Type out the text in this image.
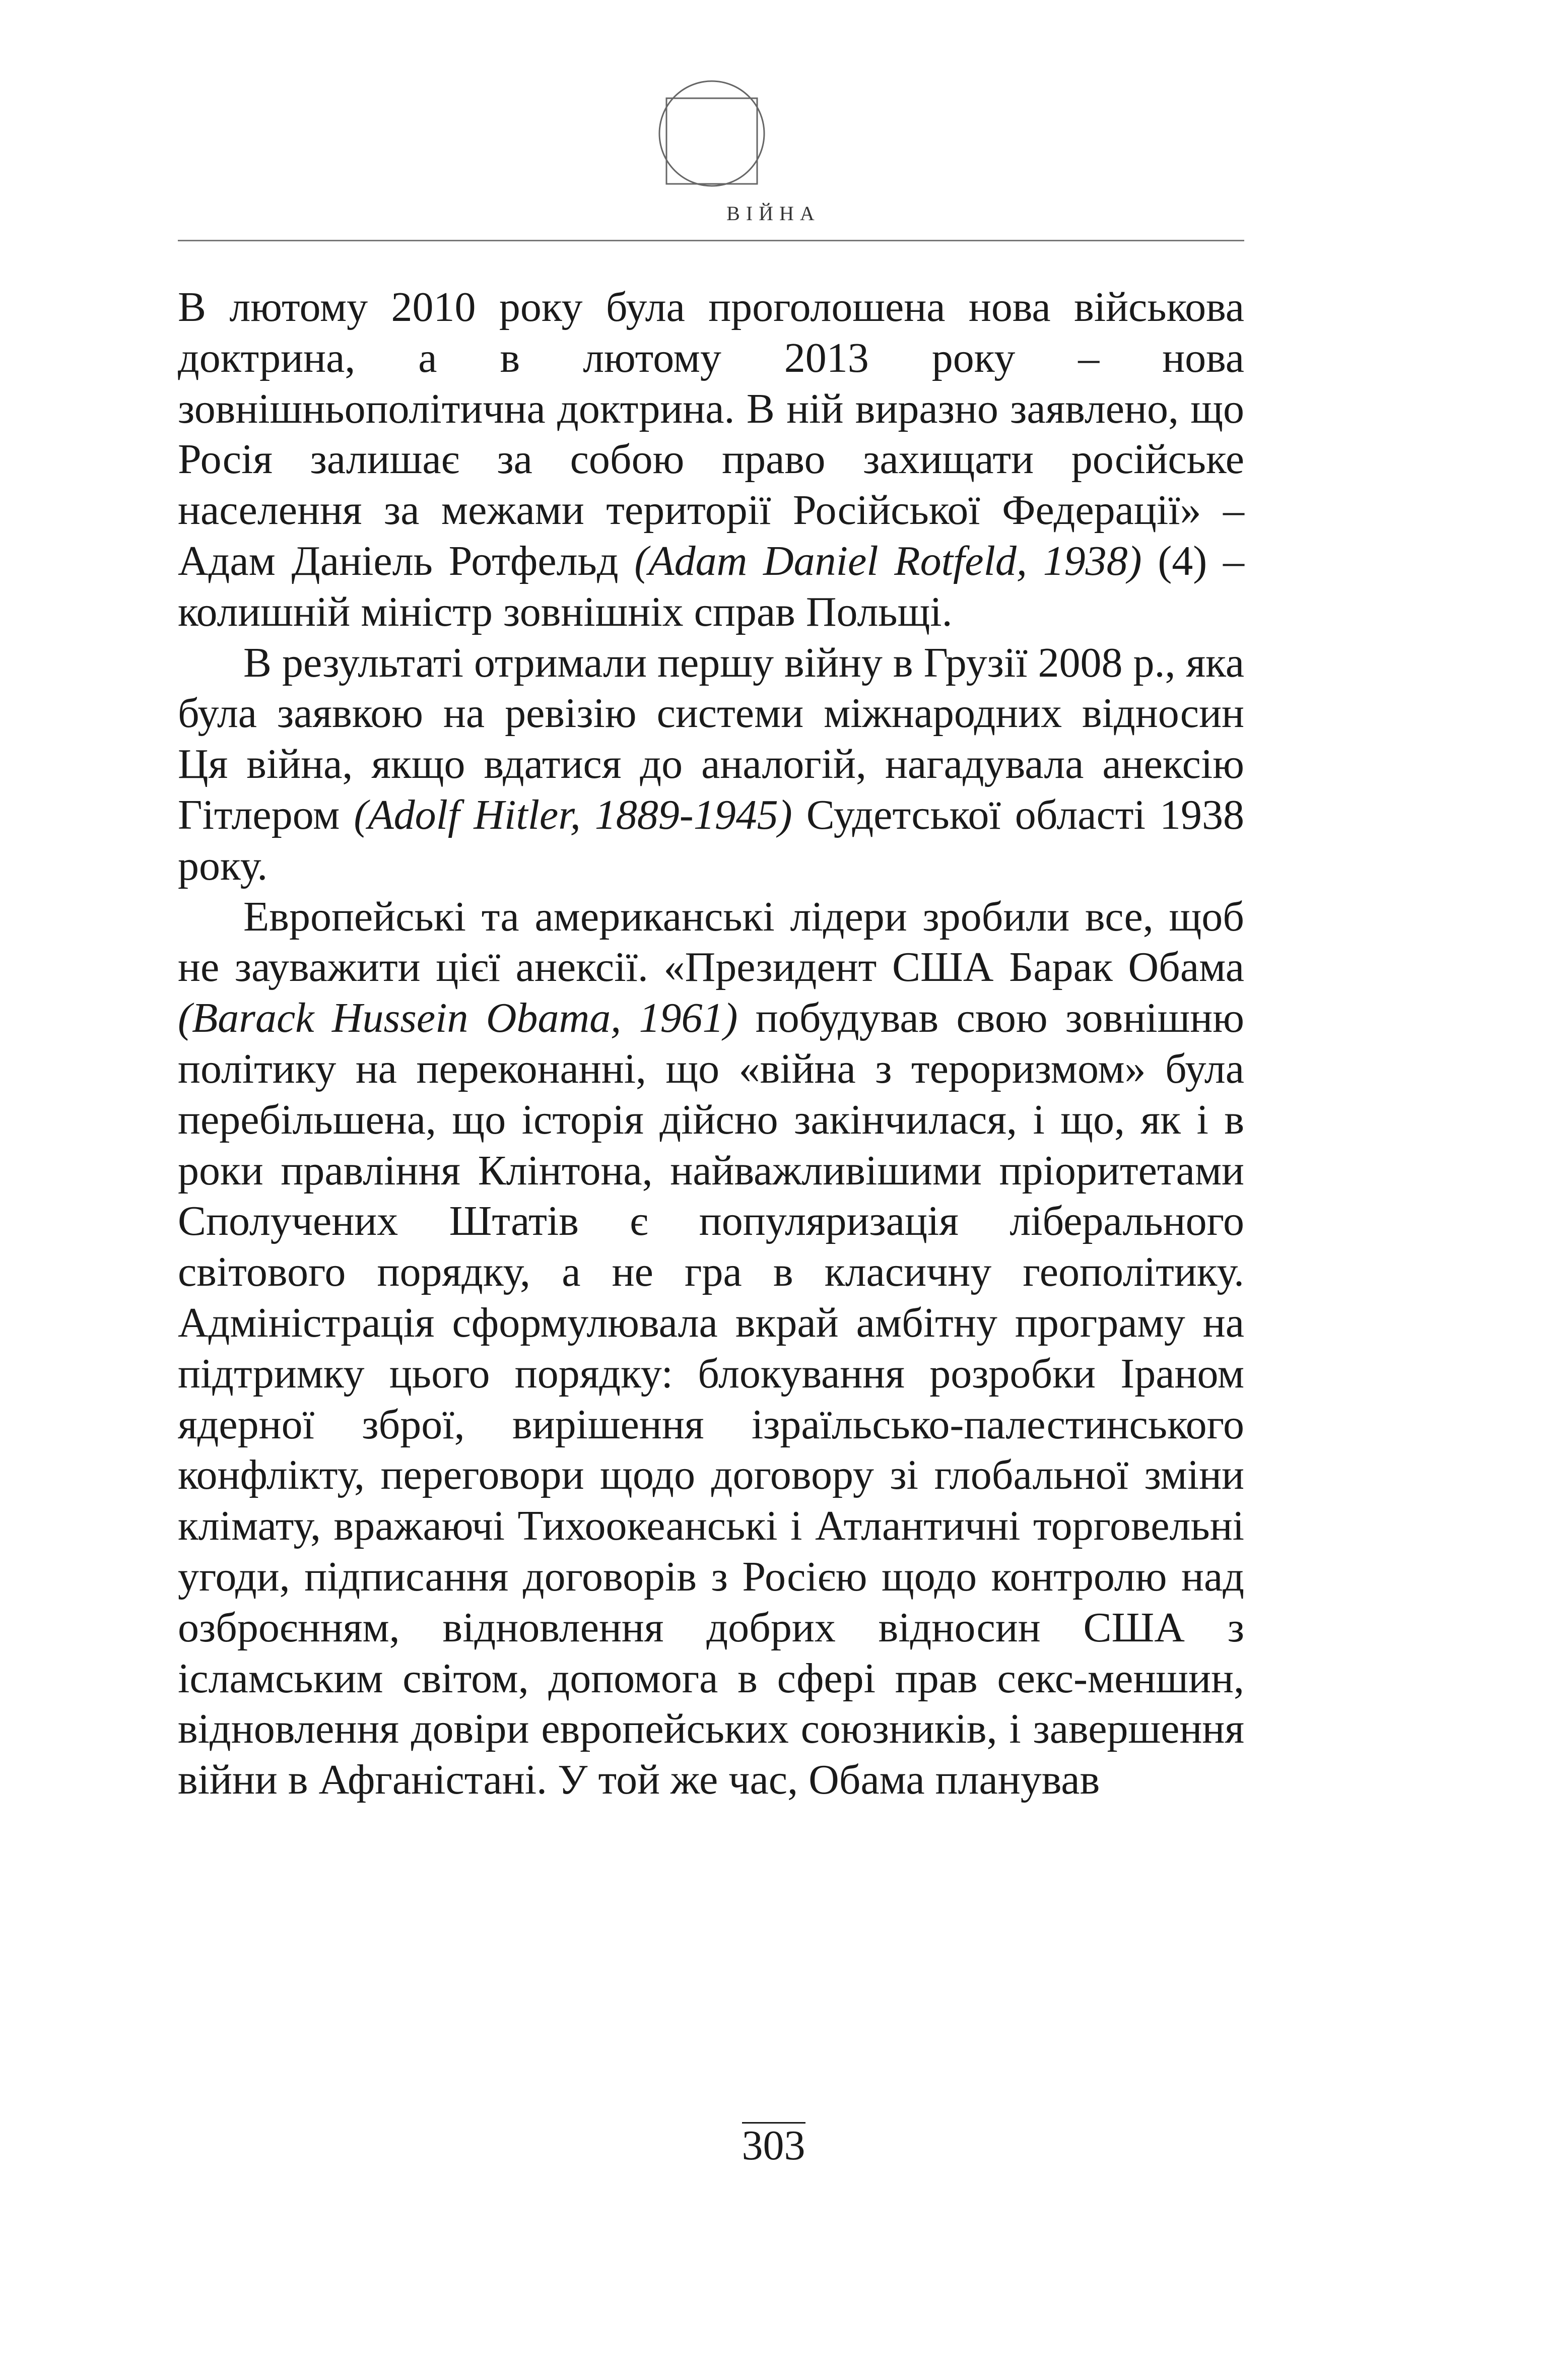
ВІЙНА

В лютому 2010 року була проголошена нова військова доктрина, а в лютому 2013 року – нова зовнішньополітична доктрина. В ній виразно заявлено, що Росія залишає за собою право захищати російське населення за межами території Російської Федерації» – Адам Даніель Ротфельд (Adam Daniel Rotfeld, 1938) (4) – колишній міністр зовнішніх справ Польщі.

В результаті отримали першу війну в Грузії 2008 р., яка була заявкою на ревізію системи міжнародних відносин Ця війна, якщо вдатися до аналогій, нагадувала анексію Гітлером (Adolf Hitler, 1889-1945) Судетської області 1938 року.

Европейські та американські лідери зробили все, щоб не зауважити цієї анексії. «Президент США Барак Обама (Barack Hussein Obama, 1961) побудував свою зовнішню політику на переконанні, що «війна з тероризмом» була перебільшена, що історія дійсно закінчилася, і що, як і в роки правління Клінтона, найважливішими пріоритетами Сполучених Штатів є популяризація ліберального світового порядку, а не гра в класичну геополітику. Адміністрація сформулювала вкрай амбітну програму на підтримку цього порядку: блокування розробки Іраном ядерної зброї, вирішення ізраїльсько-палестинського конфлікту, переговори щодо договору зі глобальної зміни клімату, вражаючі Тихоокеанські і Атлантичні торговельні угоди, підписання договорів з Росією щодо контролю над озброєнням, відновлення добрих відносин США з ісламським світом, допомога в сфері прав секс-меншин, відновлення довіри европейських союзників, і завершення війни в Афганістані. У той же час, Обама планував

303
